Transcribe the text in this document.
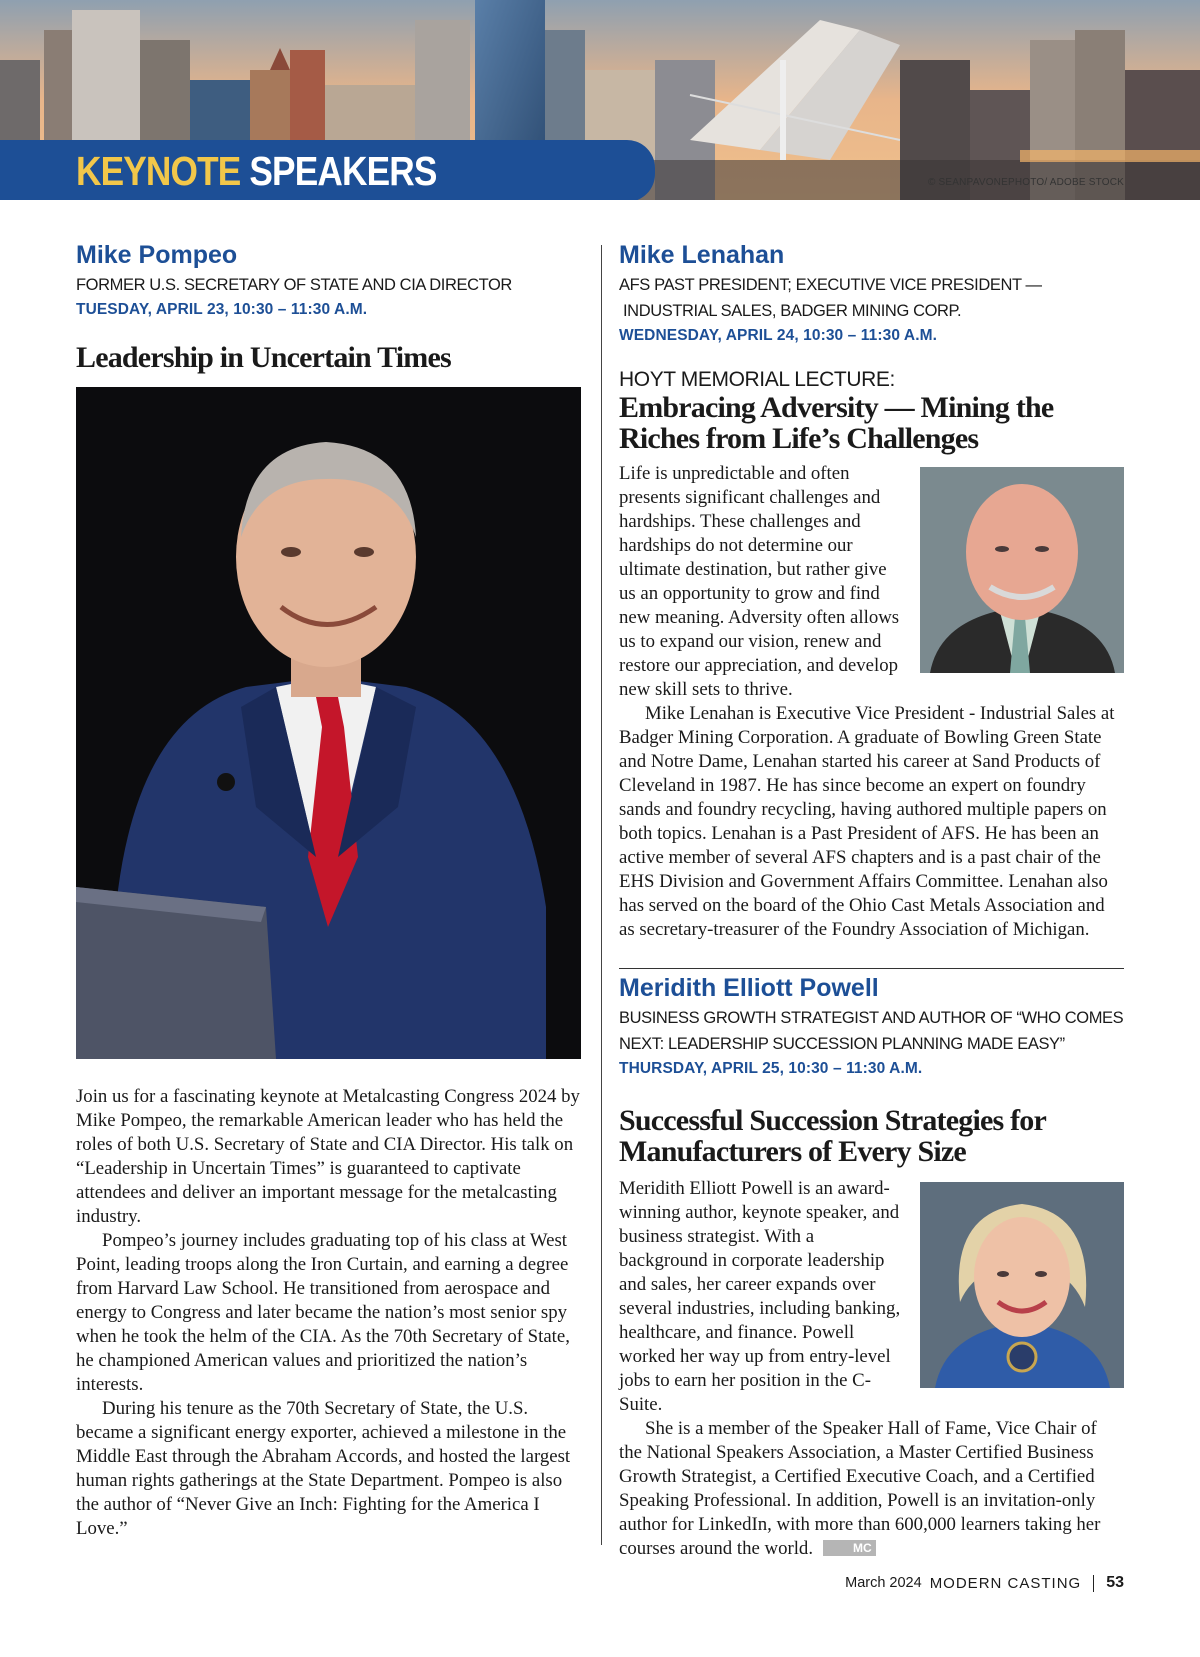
KEYNOTE SPEAKERS	© SEANPAVONEPHOTO/ ADOBE STOCK
Mike Pompeo
FORMER U.S. SECRETARY OF STATE AND CIA DIRECTOR
TUESDAY, APRIL 23, 10:30 – 11:30 A.M.
Leadership in Uncertain Times

Join us for a fascinating keynote at Metalcasting Congress 2024 by Mike Pompeo, the remarkable American leader who has held the roles of both U.S. Secretary of State and CIA Director. His talk on “Leadership in Uncertain Times” is guaranteed to captivate attendees and deliver an important message for the metalcasting industry.

Pompeo’s journey includes graduating top of his class at West Point, leading troops along the Iron Curtain, and earning a degree from Harvard Law School. He transitioned from aerospace and energy to Congress and later became the nation’s most senior spy when he took the helm of the CIA. As the 70th Secretary of State, he championed American values and prioritized the nation’s interests.

During his tenure as the 70th Secretary of State, the U.S. became a significant energy exporter, achieved a milestone in the Middle East through the Abraham Accords, and hosted the largest human rights gatherings at the State Department. Pompeo is also the author of “Never Give an Inch: Fighting for the America I Love.”

Mike Lenahan
AFS PAST PRESIDENT; EXECUTIVE VICE PRESIDENT —
INDUSTRIAL SALES, BADGER MINING CORP.
WEDNESDAY, APRIL 24, 10:30 – 11:30 A.M.
HOYT MEMORIAL LECTURE:
Embracing Adversity — Mining the Riches from Life’s Challenges

Life is unpredictable and often presents significant challenges and hardships. These challenges and hardships do not determine our ultimate destination, but rather give us an opportunity to grow and find new meaning. Adversity often allows us to expand our vision, renew and restore our appreciation, and develop new skill sets to thrive.

Mike Lenahan is Executive Vice President - Industrial Sales at Badger Mining Corporation. A graduate of Bowling Green State and Notre Dame, Lenahan started his career at Sand Products of Cleveland in 1987. He has since become an expert on foundry sands and foundry recycling, having authored multiple papers on both topics. Lenahan is a Past President of AFS. He has been an active member of several AFS chapters and is a past chair of the EHS Division and Government Affairs Committee. Lenahan also has served on the board of the Ohio Cast Metals Association and as secretary-treasurer of the Foundry Association of Michigan.

Meridith Elliott Powell
BUSINESS GROWTH STRATEGIST AND AUTHOR OF “WHO COMES
NEXT: LEADERSHIP SUCCESSION PLANNING MADE EASY”
THURSDAY, APRIL 25, 10:30 – 11:30 A.M.
Successful Succession Strategies for Manufacturers of Every Size

Meridith Elliott Powell is an award-winning author, keynote speaker, and business strategist. With a background in corporate leadership and sales, her career expands over several industries, including banking, healthcare, and finance. Powell worked her way up from entry-level jobs to earn her position in the C-Suite.

She is a member of the Speaker Hall of Fame, Vice Chair of the National Speakers Association, a Master Certified Business Growth Strategist, a Certified Executive Coach, and a Certified Speaking Professional. In addition, Powell is an invitation-only author for LinkedIn, with more than 600,000 learners taking her courses around the world.	MC

March 2024 MODERN CASTING 53
